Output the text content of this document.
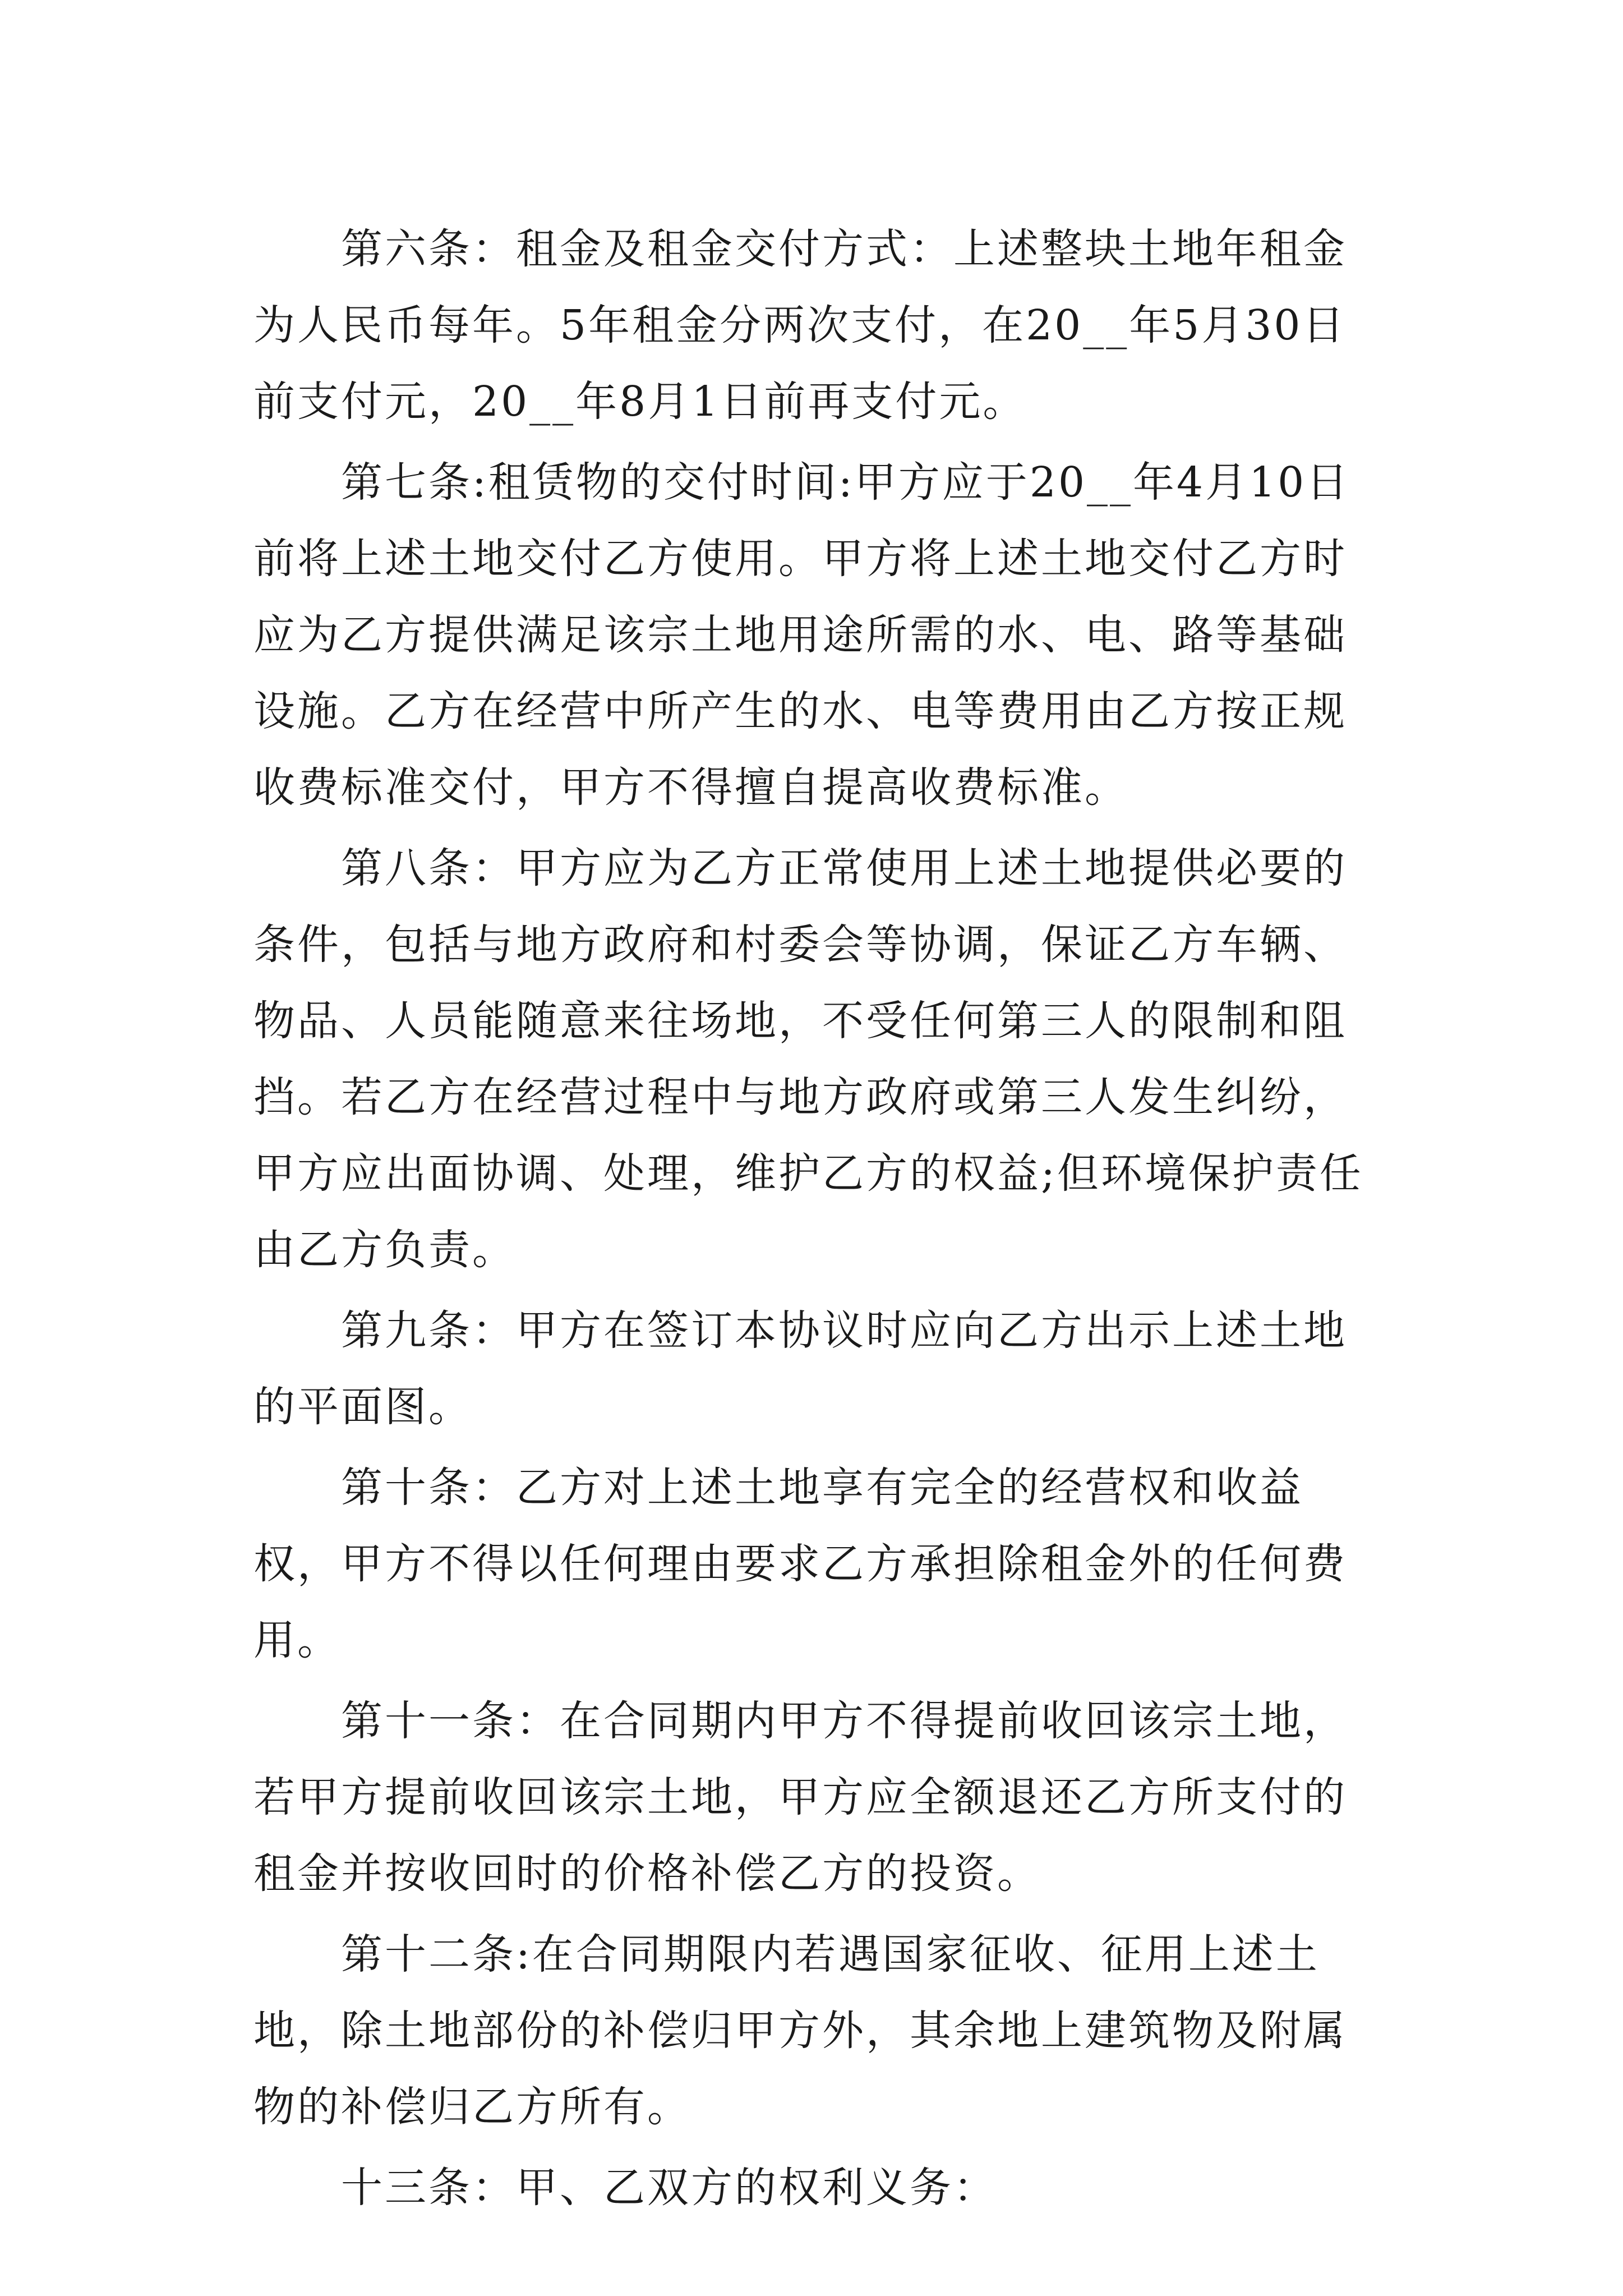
第六条：租金及租金交付方式：上述整块土地年租金为人民币每年。5年租金分两次支付，在20__年5月30日前支付元，20__年8月1日前再支付元。

第七条:租赁物的交付时间:甲方应于20__年4月10日前将上述土地交付乙方使用。甲方将上述土地交付乙方时应为乙方提供满足该宗土地用途所需的水、电、路等基础设施。乙方在经营中所产生的水、电等费用由乙方按正规收费标准交付，甲方不得擅自提高收费标准。

第八条：甲方应为乙方正常使用上述土地提供必要的条件，包括与地方政府和村委会等协调，保证乙方车辆、物品、人员能随意来往场地，不受任何第三人的限制和阻挡。若乙方在经营过程中与地方政府或第三人发生纠纷，甲方应出面协调、处理，维护乙方的权益;但环境保护责任由乙方负责。

第九条：甲方在签订本协议时应向乙方出示上述土地的平面图。

第十条：乙方对上述土地享有完全的经营权和收益权，甲方不得以任何理由要求乙方承担除租金外的任何费用。

第十一条：在合同期内甲方不得提前收回该宗土地，若甲方提前收回该宗土地，甲方应全额退还乙方所支付的租金并按收回时的价格补偿乙方的投资。

第十二条:在合同期限内若遇国家征收、征用上述土地，除土地部份的补偿归甲方外，其余地上建筑物及附属物的补偿归乙方所有。

十三条：甲、乙双方的权利义务：
